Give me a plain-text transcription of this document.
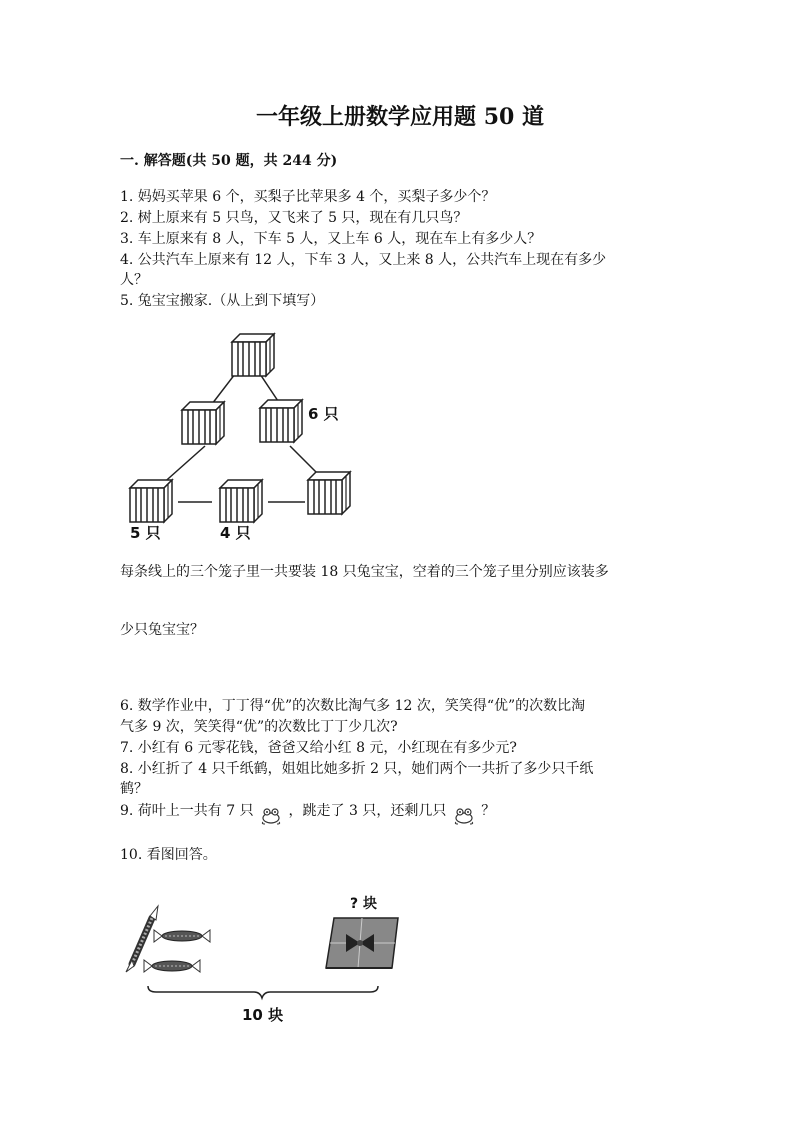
一年级上册数学应用题 50 道
一. 解答题(共 50 题，共 244 分)
1. 妈妈买苹果 6 个，买梨子比苹果多 4 个，买梨子多少个？
2. 树上原来有 5 只鸟，又飞来了 5 只，现在有几只鸟？
3. 车上原来有 8 人，下车 5 人，又上车 6 人，现在车上有多少人？
4. 公共汽车上原来有 12 人，下车 3 人，又上来 8 人，公共汽车上现在有多少
人？
5. 兔宝宝搬家.（从上到下填写）
6 只
5 只	4 只
每条线上的三个笼子里一共要装 18 只兔宝宝，空着的三个笼子里分别应该装多
少只兔宝宝？
6. 数学作业中，丁丁得“优”的次数比淘气多 12 次，笑笑得“优”的次数比淘
气多 9 次，笑笑得“优”的次数比丁丁少几次?
7. 小红有 6 元零花钱，爸爸又给小红 8 元，小红现在有多少元?
8. 小红折了 4 只千纸鹤，姐姐比她多折 2 只，她们两个一共折了多少只千纸
鹤？
9. 荷叶上一共有 7 只 ，跳走了 3 只，还剩几只 ？
10. 看图回答。
? 块
10 块
